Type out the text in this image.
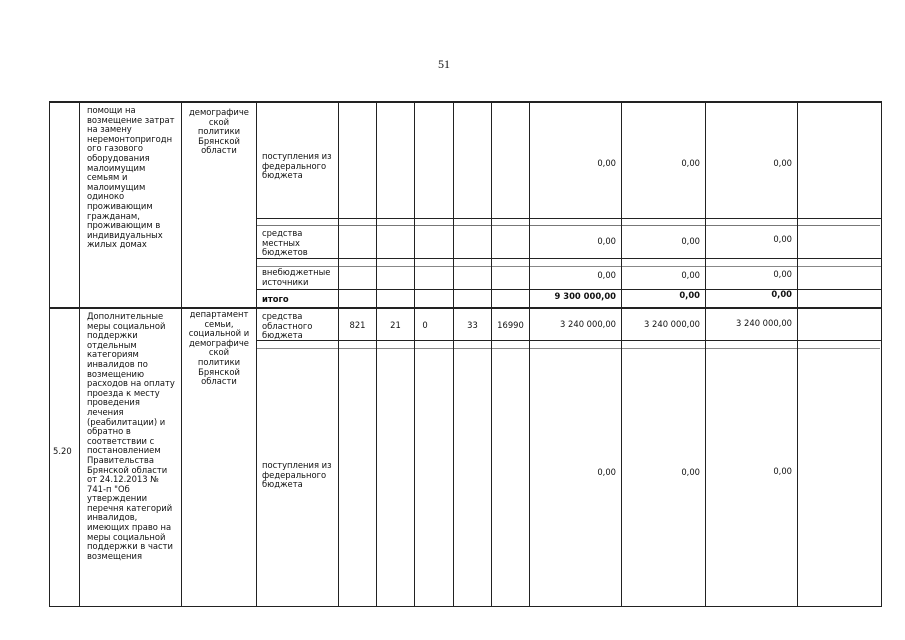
51
помощи на
возмещение затрат
на замену
неремонтопригодн
ого газового
оборудования
малоимущим
семьям и
малоимущим
одиноко
проживающим
гражданам,
проживающим в
индивидуальных
жилых домах
демографиче
ской
политики
Брянской
области
поступления из
федерального
бюджета
0,00	0,00	0,00
средства
местных
бюджетов
0,00	0,00	0,00
внебюджетные
источники
0,00	0,00	0,00
итого	9 300 000,00	0,00	0,00
5.20
Дополнительные
меры социальной
поддержки
отдельным
категориям
инвалидов по
возмещению
расходов на оплату
проезда к месту
проведения
лечения
(реабилитации) и
обратно в
соответствии с
постановлением
Правительства
Брянской области
от 24.12.2013 №
741-п "Об
утверждении
перечня категорий
инвалидов,
имеющих право на
меры социальной
поддержки в части
возмещения
департамент
семьи,
социальной и
демографиче
ской
политики
Брянской
области
средства
областного
бюджета
821	21	0	33	16990	3 240 000,00	3 240 000,00	3 240 000,00
поступления из
федерального
бюджета
0,00	0,00	0,00
